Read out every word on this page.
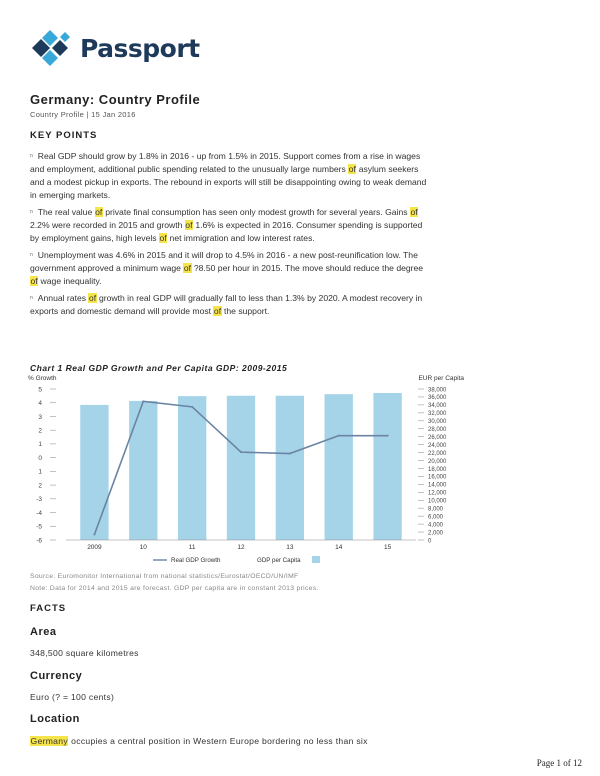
Passport
Germany: Country Profile
Country Profile | 15 Jan 2016
KEY POINTS
n Real GDP should grow by 1.8% in 2016 - up from 1.5% in 2015. Support comes from a rise in wages and employment, additional public spending related to the unusually large numbers of asylum seekers and a modest pickup in exports. The rebound in exports will still be disappointing owing to weak demand in emerging markets.
n The real value of private final consumption has seen only modest growth for several years. Gains of 2.2% were recorded in 2015 and growth of 1.6% is expected in 2016. Consumer spending is supported by employment gains, high levels of net immigration and low interest rates.
n Unemployment was 4.6% in 2015 and it will drop to 4.5% in 2016 - a new post-reunification low. The government approved a minimum wage of ?8.50 per hour in 2015. The move should reduce the degree of wage inequality.
n Annual rates of growth in real GDP will gradually fall to less than 1.3% by 2020. A modest recovery in exports and domestic demand will provide most of the support.
Chart 1 Real GDP Growth and Per Capita GDP: 2009-2015
% Growth	EUR per Capita
5
4
3
2
1
0
1
2
-3
-4
-5
-6
38,000
36,000
34,000
32,000
30,000
28,000
26,000
24,000
22,000
20,000
18,000
16,000
14,000
12,000
10,000
8,000
6,000
4,000
2,000
0
2009	10	11	12	13	14	15
Real GDP Growth	GDP per Capita
Source: Euromonitor International from national statistics/Eurostat/OECD/UN/IMF
Note: Data for 2014 and 2015 are forecast. GDP per capita are in constant 2013 prices.
FACTS
Area
348,500 square kilometres
Currency
Euro (? = 100 cents)
Location
Germany occupies a central position in Western Europe bordering no less than six
Page 1 of 12
